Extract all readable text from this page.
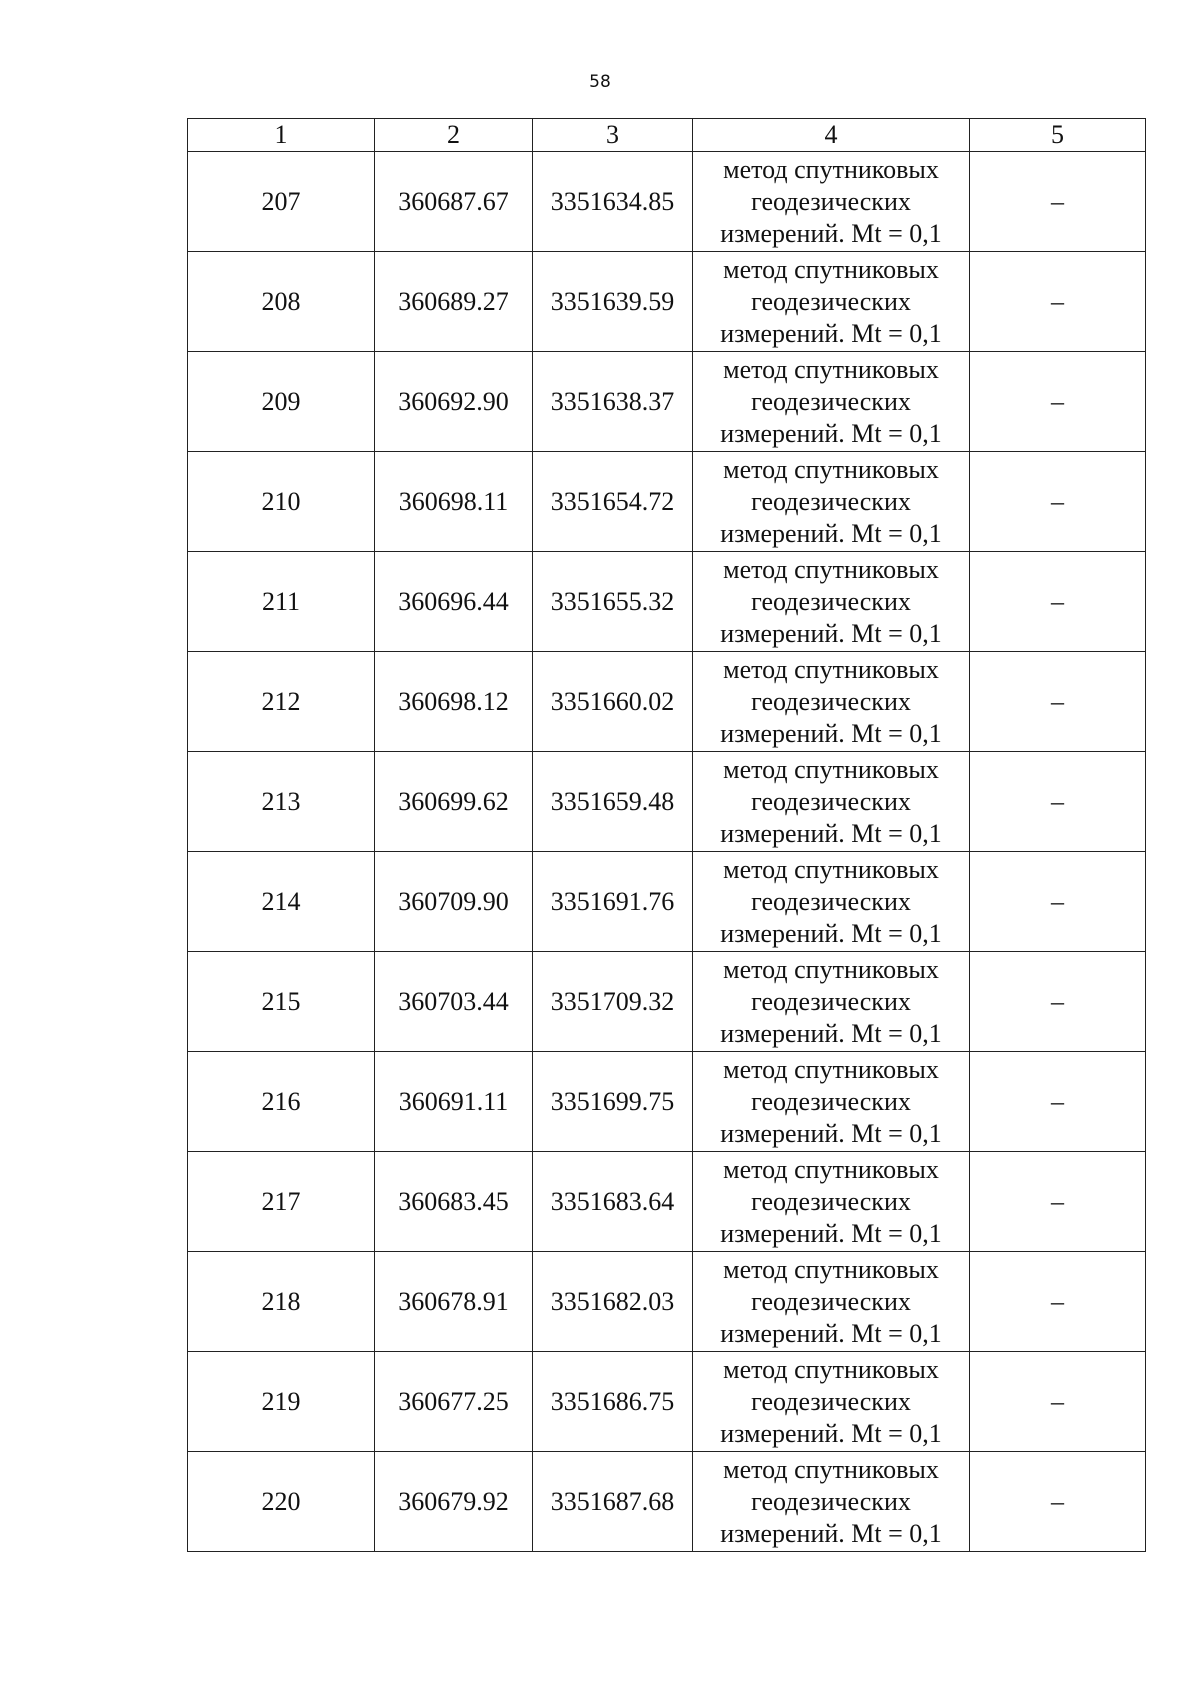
58
1	2	3	4	5
207	360687.67	3351634.85	метод спутниковых
геодезических
измерений. Mt = 0,1	–
208	360689.27	3351639.59	метод спутниковых
геодезических
измерений. Mt = 0,1	–
209	360692.90	3351638.37	метод спутниковых
геодезических
измерений. Mt = 0,1	–
210	360698.11	3351654.72	метод спутниковых
геодезических
измерений. Mt = 0,1	–
211	360696.44	3351655.32	метод спутниковых
геодезических
измерений. Mt = 0,1	–
212	360698.12	3351660.02	метод спутниковых
геодезических
измерений. Mt = 0,1	–
213	360699.62	3351659.48	метод спутниковых
геодезических
измерений. Mt = 0,1	–
214	360709.90	3351691.76	метод спутниковых
геодезических
измерений. Mt = 0,1	–
215	360703.44	3351709.32	метод спутниковых
геодезических
измерений. Mt = 0,1	–
216	360691.11	3351699.75	метод спутниковых
геодезических
измерений. Mt = 0,1	–
217	360683.45	3351683.64	метод спутниковых
геодезических
измерений. Mt = 0,1	–
218	360678.91	3351682.03	метод спутниковых
геодезических
измерений. Mt = 0,1	–
219	360677.25	3351686.75	метод спутниковых
геодезических
измерений. Mt = 0,1	–
220	360679.92	3351687.68	метод спутниковых
геодезических
измерений. Mt = 0,1	–
